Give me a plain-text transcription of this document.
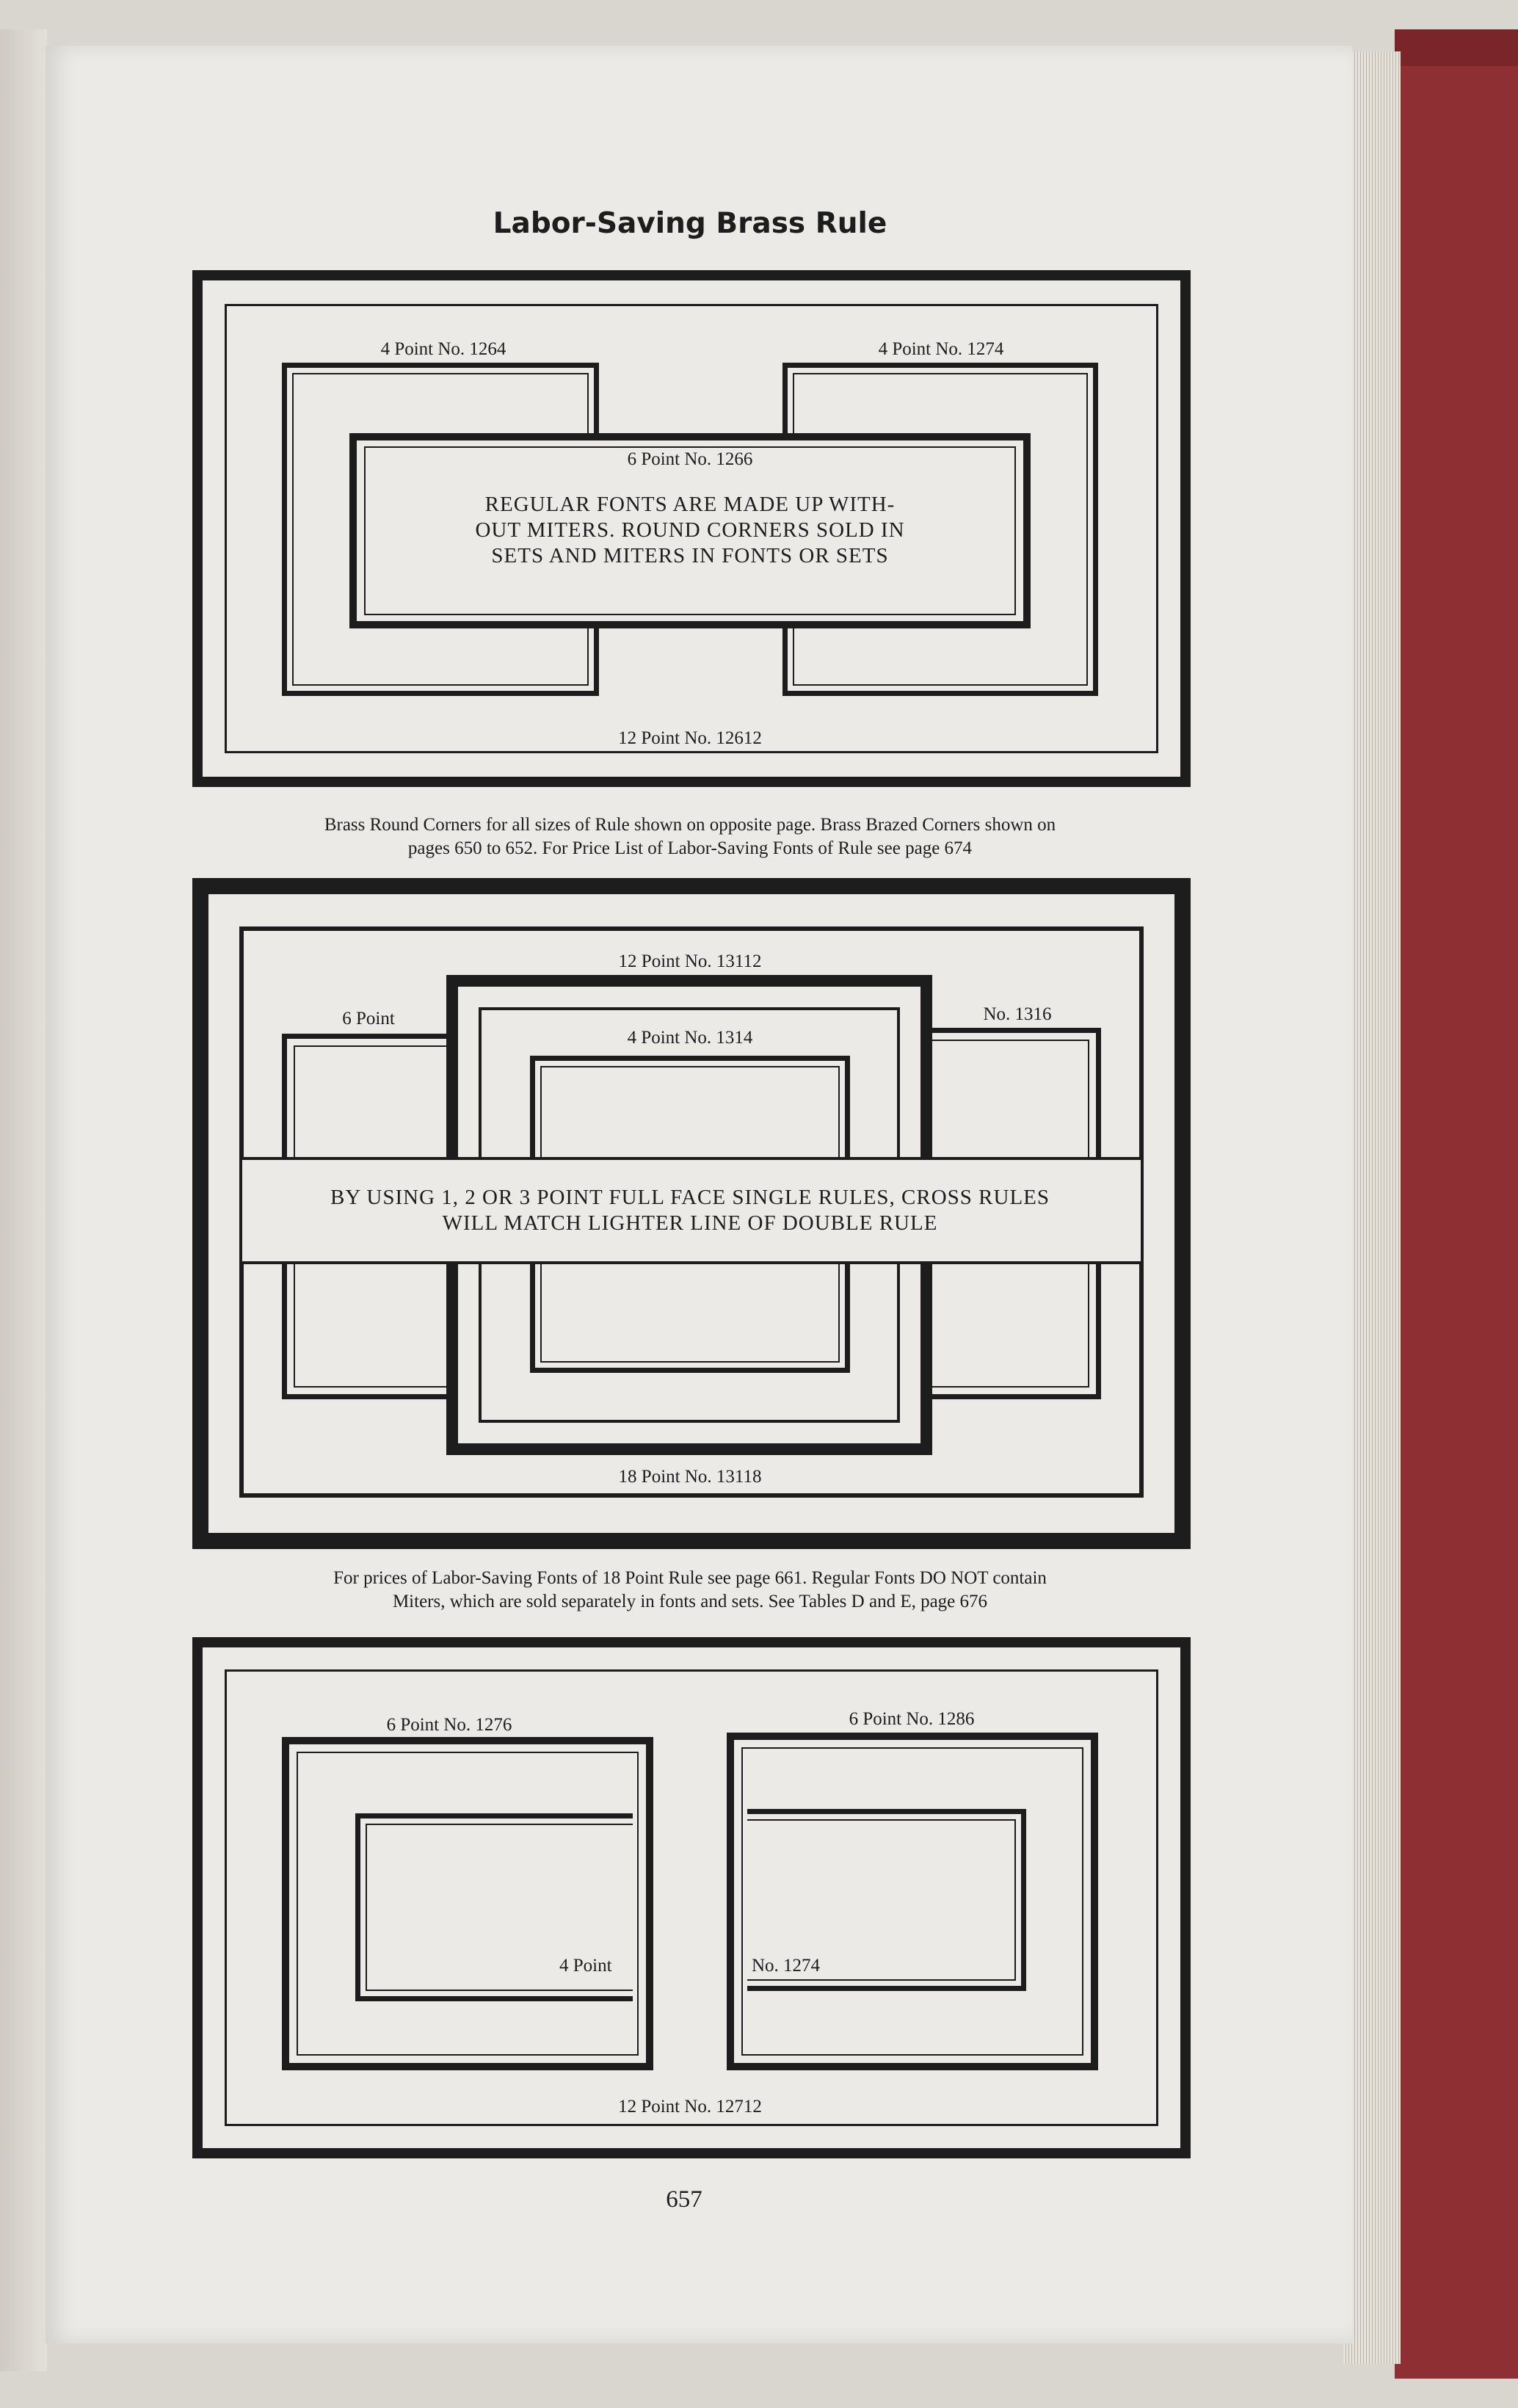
Labor-Saving Brass Rule
4 Point No. 1264	4 Point No. 1274
6 Point No. 1266
REGULAR FONTS ARE MADE UP WITH-
OUT MITERS. ROUND CORNERS SOLD IN
SETS AND MITERS IN FONTS OR SETS
12 Point No. 12612
Brass Round Corners for all sizes of Rule shown on opposite page. Brass Brazed Corners shown on
pages 650 to 652. For Price List of Labor-Saving Fonts of Rule see page 674
12 Point No. 13112
6 Point	No. 1316
4 Point No. 1314
BY USING 1, 2 OR 3 POINT FULL FACE SINGLE RULES, CROSS RULES
WILL MATCH LIGHTER LINE OF DOUBLE RULE
18 Point No. 13118
For prices of Labor-Saving Fonts of 18 Point Rule see page 661. Regular Fonts DO NOT contain
Miters, which are sold separately in fonts and sets. See Tables D and E, page 676
6 Point No. 1276	6 Point No. 1286
4 Point	No. 1274
12 Point No. 12712
657
